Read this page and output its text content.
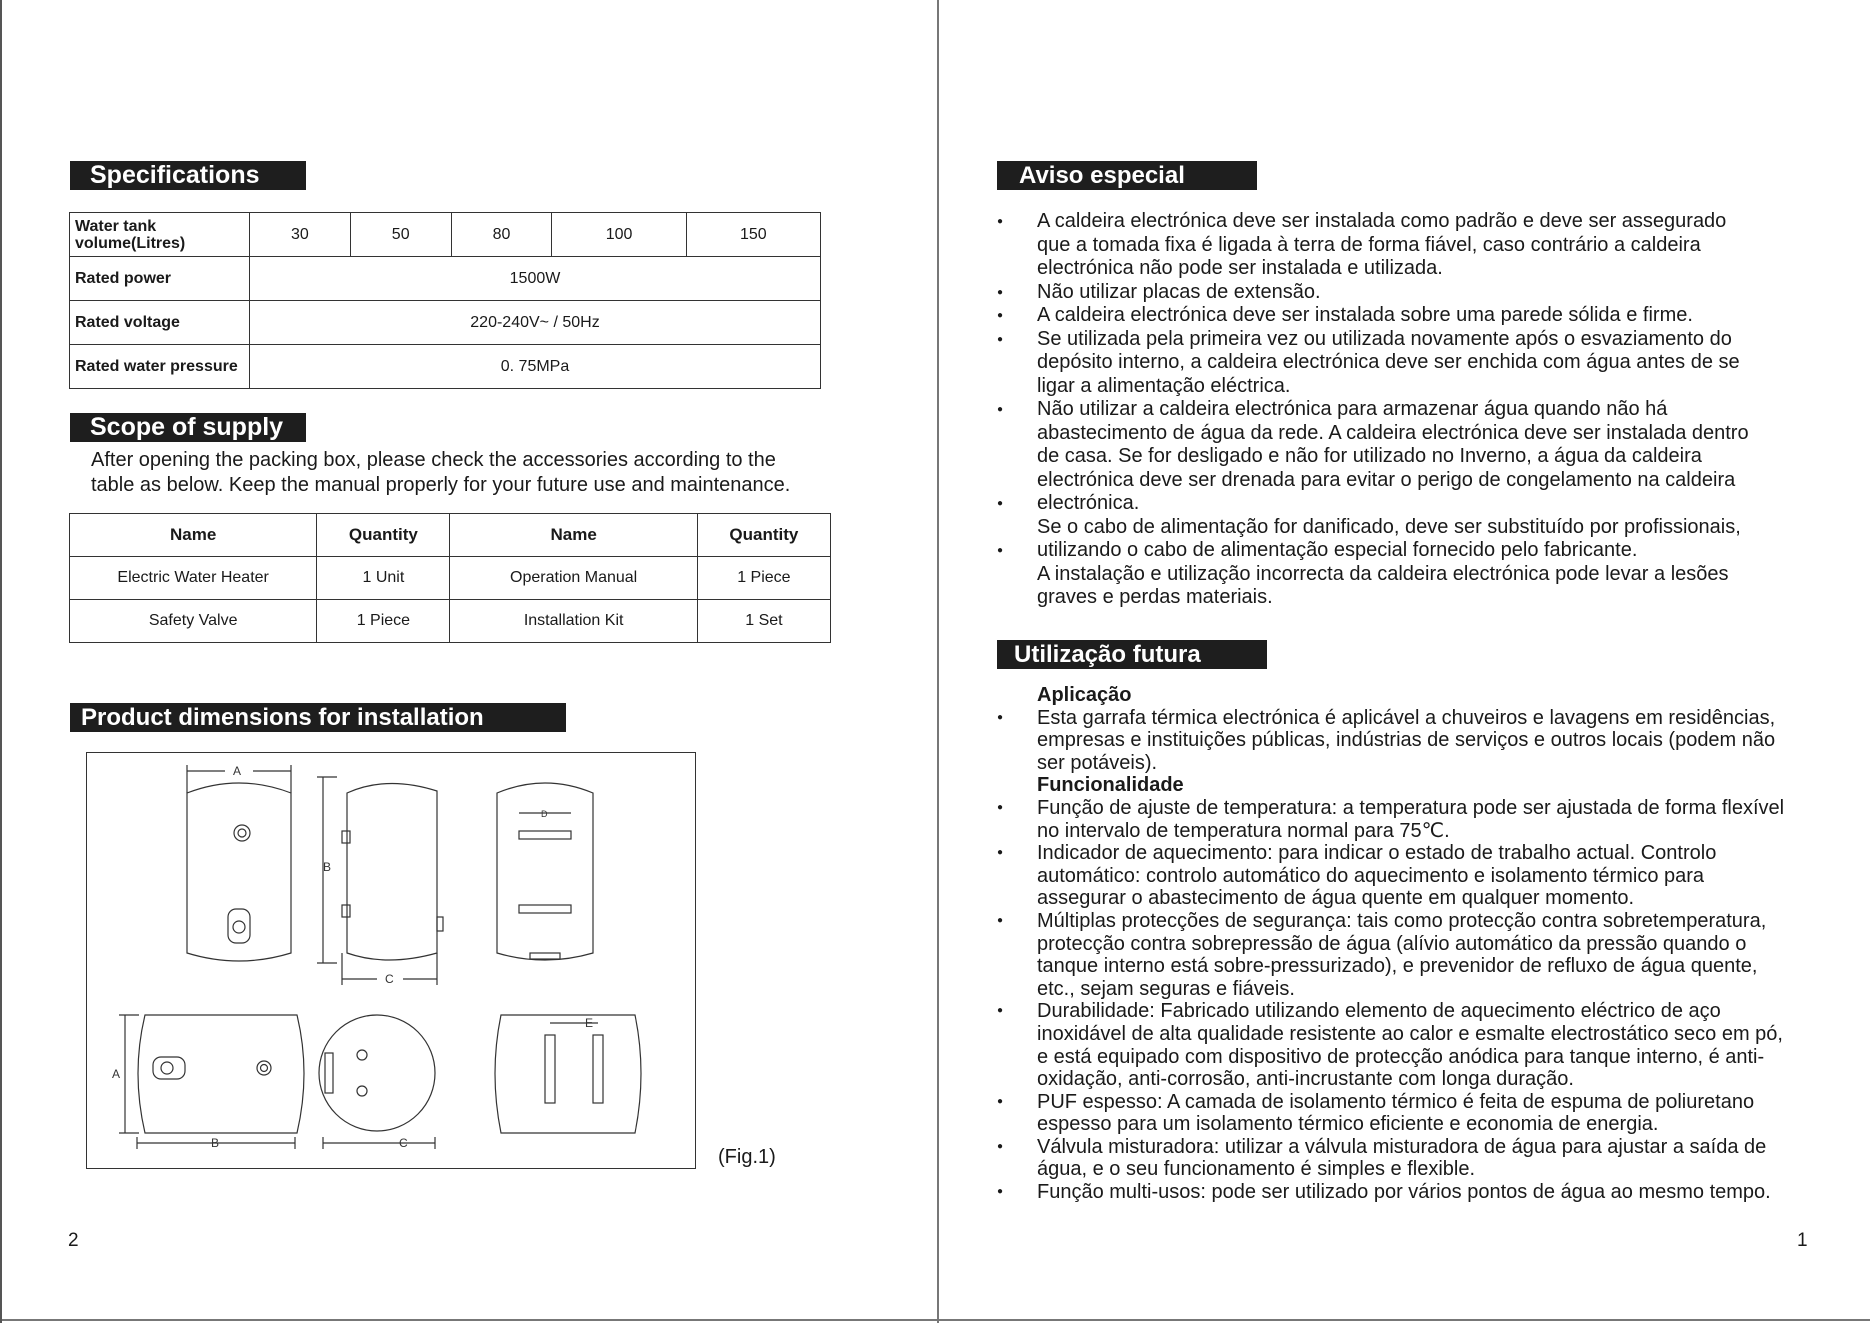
Specifications
Water tank volume(Litres)	30	50	80	100	150
Rated power	1500W				
Rated voltage	220-240V~ / 50Hz				
Rated water pressure	0. 75MPa				
Scope of supply
After opening the packing box, please check the accessories according to the
table as below. Keep the manual properly for your future use and maintenance.
Name	Quantity	Name	Quantity
Electric Water Heater	1 Unit	Operation Manual	1 Piece
Safety Valve	1 Piece	Installation Kit	1 Set
Product dimensions for installation
A
B
C
D
A
B	C
E
(Fig.1)
2
Aviso especial
● A caldeira electrónica deve ser instalada como padrão e deve ser assegurado
que a tomada fixa é ligada à terra de forma fiável, caso contrário a caldeira
electrónica não pode ser instalada e utilizada.
● Não utilizar placas de extensão.
● A caldeira electrónica deve ser instalada sobre uma parede sólida e firme.
● Se utilizada pela primeira vez ou utilizada novamente após o esvaziamento do
depósito interno, a caldeira electrónica deve ser enchida com água antes de se
ligar a alimentação eléctrica.
● Não utilizar a caldeira electrónica para armazenar água quando não há
abastecimento de água da rede. A caldeira electrónica deve ser instalada dentro
de casa. Se for desligado e não for utilizado no Inverno, a água da caldeira
electrónica deve ser drenada para evitar o perigo de congelamento na caldeira
● electrónica.
Se o cabo de alimentação for danificado, deve ser substituído por profissionais,
● utilizando o cabo de alimentação especial fornecido pelo fabricante.
A instalação e utilização incorrecta da caldeira electrónica pode levar a lesões
graves e perdas materiais.
Utilização futura
Aplicação
● Esta garrafa térmica electrónica é aplicável a chuveiros e lavagens em residências,
empresas e instituições públicas, indústrias de serviços e outros locais (podem não
ser potáveis).
Funcionalidade
● Função de ajuste de temperatura: a temperatura pode ser ajustada de forma flexível
no intervalo de temperatura normal para 75℃.
● Indicador de aquecimento: para indicar o estado de trabalho actual. Controlo
automático: controlo automático do aquecimento e isolamento térmico para
assegurar o abastecimento de água quente em qualquer momento.
● Múltiplas protecções de segurança: tais como protecção contra sobretemperatura,
protecção contra sobrepressão de água (alívio automático da pressão quando o
tanque interno está sobre-pressurizado), e prevenidor de refluxo de água quente,
etc., sejam seguras e fiáveis.
● Durabilidade: Fabricado utilizando elemento de aquecimento eléctrico de aço
inoxidável de alta qualidade resistente ao calor e esmalte electrostático seco em pó,
e está equipado com dispositivo de protecção anódica para tanque interno, é anti-
oxidação, anti-corrosão, anti-incrustante com longa duração.
● PUF espesso: A camada de isolamento térmico é feita de espuma de poliuretano
espesso para um isolamento térmico eficiente e economia de energia.
● Válvula misturadora: utilizar a válvula misturadora de água para ajustar a saída de
água, e o seu funcionamento é simples e flexible.
● Função multi-usos: pode ser utilizado por vários pontos de água ao mesmo tempo.
1
